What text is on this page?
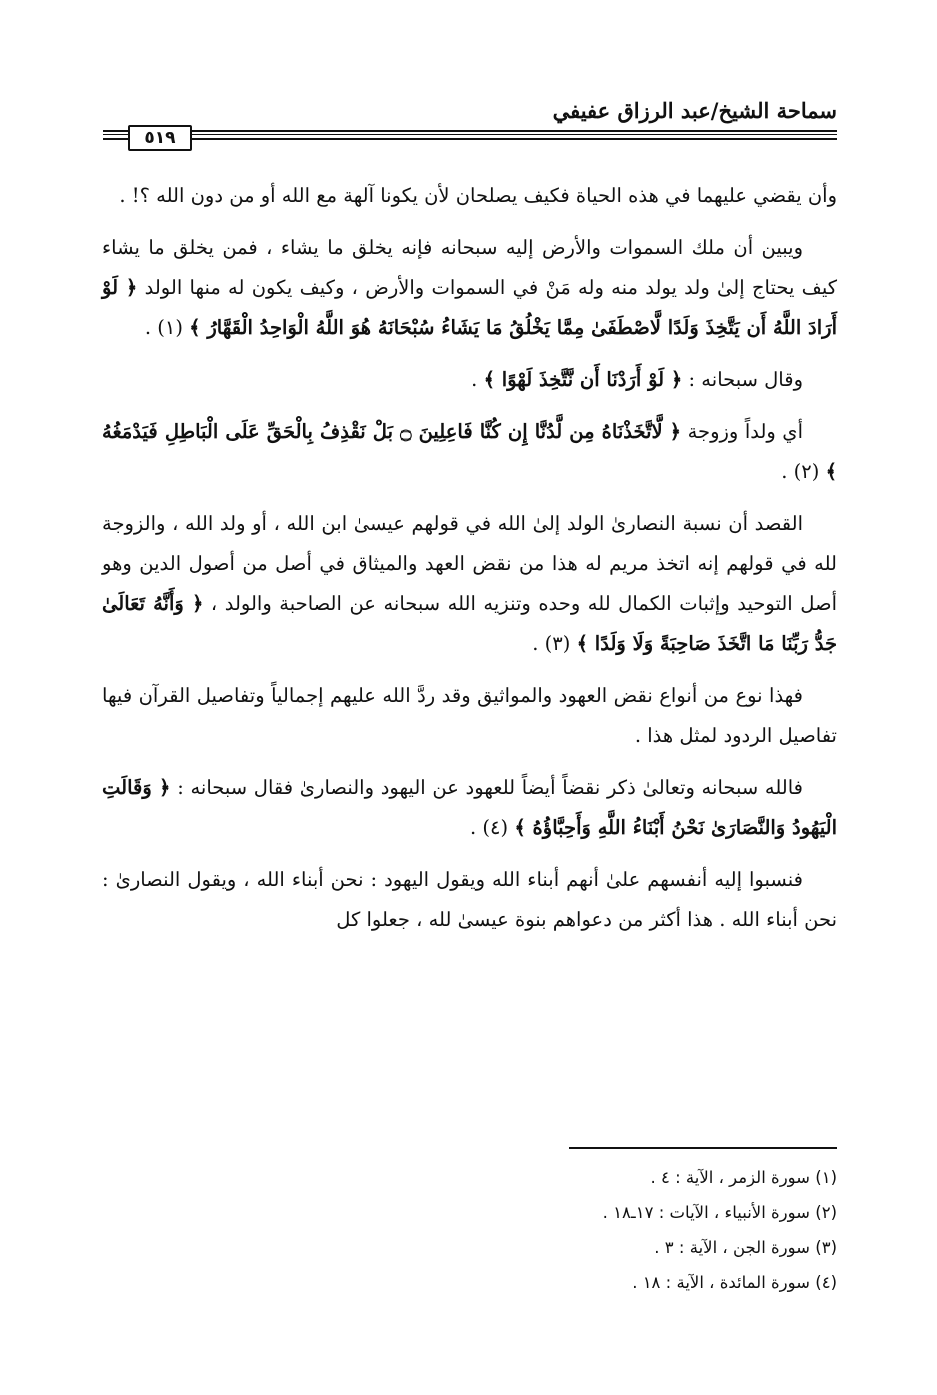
سماحة الشيخ/عبد الرزاق عفيفي
٥١٩

وأن يقضي عليهما في هذه الحياة فكيف يصلحان لأن يكونا آلهة مع الله أو من دون الله ؟! .

ويبين أن ملك السموات والأرض إليه سبحانه فإنه يخلق ما يشاء ، فمن يخلق ما يشاء كيف يحتاج إلىٰ ولد يولد منه وله مَنْ في السموات والأرض ، وكيف يكون له منها الولد ﴿ لَوْ أَرَادَ اللَّهُ أَن يَتَّخِذَ وَلَدًا لَّاصْطَفَىٰ مِمَّا يَخْلُقُ مَا يَشَاءُ سُبْحَانَهُ هُوَ اللَّهُ الْوَاحِدُ الْقَهَّارُ ﴾ (١) .

وقال سبحانه : ﴿ لَوْ أَرَدْنَا أَن نَّتَّخِذَ لَهْوًا ﴾ .

أي ولداً وزوجة ﴿ لَّاتَّخَذْنَاهُ مِن لَّدُنَّا إِن كُنَّا فَاعِلِينَ ۝ بَلْ نَقْذِفُ بِالْحَقِّ عَلَى الْبَاطِلِ فَيَدْمَغُهُ ﴾ (٢) .

القصد أن نسبة النصارىٰ الولد إلىٰ الله في قولهم عيسىٰ ابن الله ، أو ولد الله ، والزوجة لله في قولهم إنه اتخذ مريم له هذا من نقض العهد والميثاق في أصل من أصول الدين وهو أصل التوحيد وإثبات الكمال لله وحده وتنزيه الله سبحانه عن الصاحبة والولد ، ﴿ وَأَنَّهُ تَعَالَىٰ جَدُّ رَبِّنَا مَا اتَّخَذَ صَاحِبَةً وَلَا وَلَدًا ﴾ (٣) .

فهذا نوع من أنواع نقض العهود والمواثيق وقد ردَّ الله عليهم إجمالياً وتفاصيل القرآن فيها تفاصيل الردود لمثل هذا .

فالله سبحانه وتعالىٰ ذكر نقضاً أيضاً للعهود عن اليهود والنصارىٰ فقال سبحانه : ﴿ وَقَالَتِ الْيَهُودُ وَالنَّصَارَىٰ نَحْنُ أَبْنَاءُ اللَّهِ وَأَحِبَّاؤُهُ ﴾ (٤) .

فنسبوا إليه أنفسهم علىٰ أنهم أبناء الله ويقول اليهود : نحن أبناء الله ، ويقول النصارىٰ : نحن أبناء الله . هذا أكثر من دعواهم بنوة عيسىٰ لله ، جعلوا كل

(١) سورة الزمر ، الآية : ٤ .
(٢) سورة الأنبياء ، الآيات : ١٧ـ١٨ .
(٣) سورة الجن ، الآية : ٣ .
(٤) سورة المائدة ، الآية : ١٨ .
